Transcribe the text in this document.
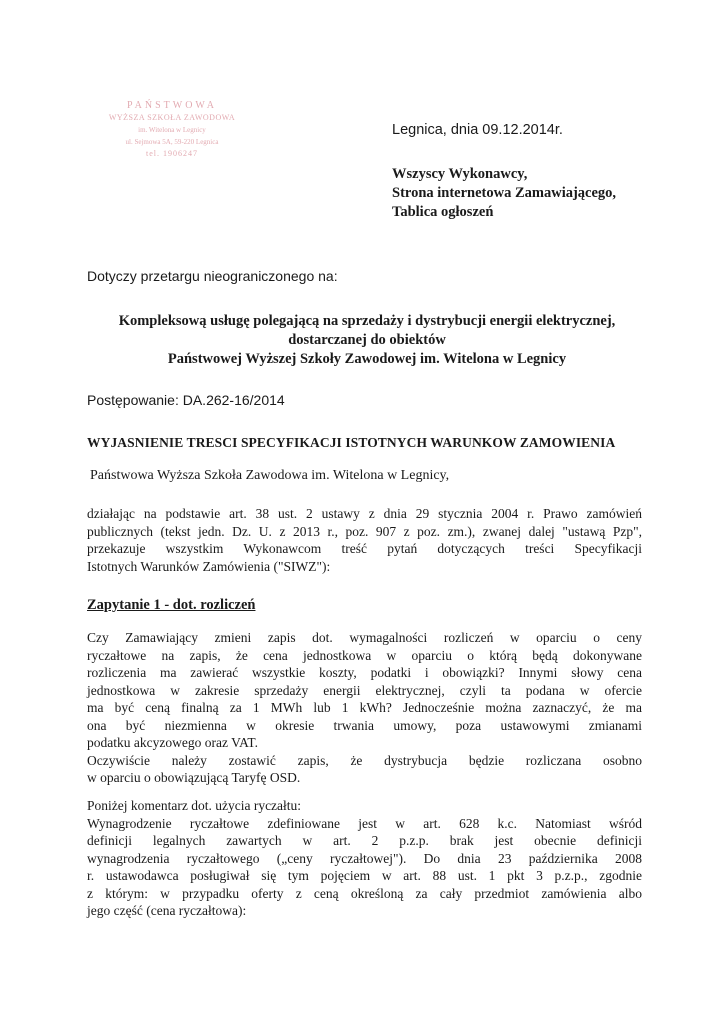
PAŃSTWOWA
WYŻSZA SZKOŁA ZAWODOWA
im. Witelona w Legnicy
ul. Sejmowa 5A, 59-220 Legnica
tel. 1906247
Legnica, dnia 09.12.2014r.
Wszyscy Wykonawcy,
Strona internetowa Zamawiającego,
Tablica ogłoszeń
Dotyczy przetargu nieograniczonego na:
Kompleksową usługę polegającą na sprzedaży i dystrybucji energii elektrycznej,
dostarczanej do obiektów
Państwowej Wyższej Szkoły Zawodowej im. Witelona w Legnicy
Postępowanie: DA.262-16/2014
WYJASNIENIE TRESCI SPECYFIKACJI ISTOTNYCH WARUNKOW ZAMOWIENIA
Państwowa Wyższa Szkoła Zawodowa im. Witelona w Legnicy,
działając na podstawie art. 38 ust. 2 ustawy z dnia 29 stycznia 2004 r. Prawo zamówień
publicznych (tekst jedn. Dz. U. z 2013 r., poz. 907 z poz. zm.), zwanej dalej "ustawą Pzp",
przekazuje wszystkim Wykonawcom treść pytań dotyczących treści Specyfikacji
Istotnych Warunków Zamówienia ("SIWZ"):
Zapytanie 1 - dot. rozliczeń
Czy Zamawiający zmieni zapis dot. wymagalności rozliczeń w oparciu o ceny
ryczałtowe na zapis, że cena jednostkowa w oparciu o którą będą dokonywane
rozliczenia ma zawierać wszystkie koszty, podatki i obowiązki? Innymi słowy cena
jednostkowa w zakresie sprzedaży energii elektrycznej, czyli ta podana w ofercie
ma być ceną finalną za 1 MWh lub 1 kWh? Jednocześnie można zaznaczyć, że ma
ona być niezmienna w okresie trwania umowy, poza ustawowymi zmianami
podatku akcyzowego oraz VAT.
Oczywiście należy zostawić zapis, że dystrybucja będzie rozliczana osobno
w oparciu o obowiązującą Taryfę OSD.
Poniżej komentarz dot. użycia ryczałtu:
Wynagrodzenie ryczałtowe zdefiniowane jest w art. 628 k.c. Natomiast wśród
definicji legalnych zawartych w art. 2 p.z.p. brak jest obecnie definicji
wynagrodzenia ryczałtowego („ceny ryczałtowej"). Do dnia 23 października 2008
r. ustawodawca posługiwał się tym pojęciem w art. 88 ust. 1 pkt 3 p.z.p., zgodnie
z którym: w przypadku oferty z ceną określoną za cały przedmiot zamówienia albo
jego część (cena ryczałtowa):
